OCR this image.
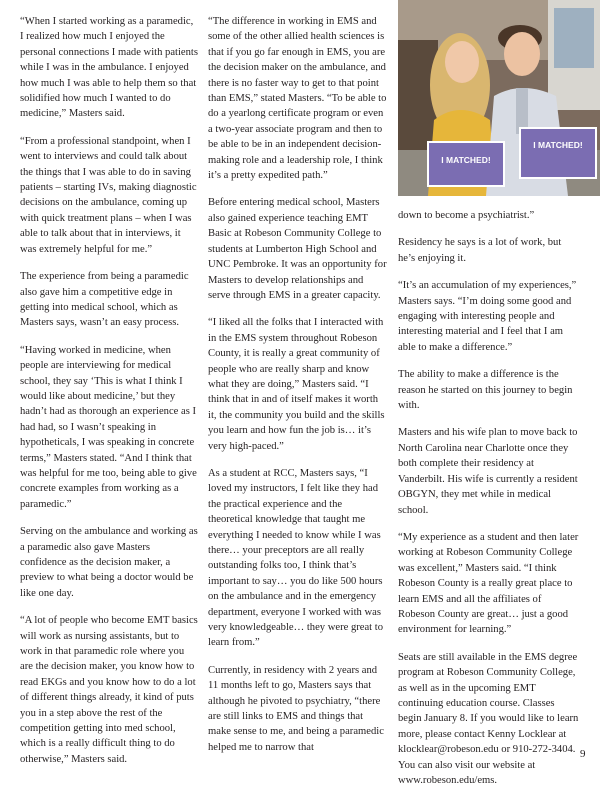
I MATCHED!
I MATCHED!

“When I started working as a paramedic, I realized how much I enjoyed the personal connections I made with patients while I was in the ambulance. I enjoyed how much I was able to help them so that solidified how much I wanted to do medicine,” Masters said.

“From a professional standpoint, when I went to interviews and could talk about the things that I was able to do in saving patients – starting IVs, making diagnostic decisions on the ambulance, coming up with quick treatment plans – when I was able to talk about that in interviews, it was extremely helpful for me.”

The experience from being a paramedic also gave him a competitive edge in getting into medical school, which as Masters says, wasn’t an easy process.

“Having worked in medicine, when people are interviewing for medical school, they say ‘This is what I think I would like about medicine,’ but they hadn’t had as thorough an experience as I had had, so I wasn’t speaking in hypotheticals, I was speaking in concrete terms,” Masters stated. “And I think that was helpful for me too, being able to give concrete examples from working as a paramedic.”

Serving on the ambulance and working as a paramedic also gave Masters confidence as the decision maker, a preview to what being a doctor would be like one day.

“A lot of people who become EMT basics will work as nursing assistants, but to work in that paramedic role where you are the decision maker, you know how to read EKGs and you know how to do a lot of different things already, it kind of puts you in a step above the rest of the competition getting into med school, which is a really difficult thing to do otherwise,” Masters said.

“The difference in working in EMS and some of the other allied health sciences is that if you go far enough in EMS, you are the decision maker on the ambulance, and there is no faster way to get to that point than EMS,” stated Masters. “To be able to do a yearlong certificate program or even a two-year associate program and then to be able to be in an independent decision-making role and a leadership role, I think it’s a pretty expedited path.”

Before entering medical school, Masters also gained experience teaching EMT Basic at Robeson Community College to students at Lumberton High School and UNC Pembroke. It was an opportunity for Masters to develop relationships and serve through EMS in a greater capacity.

“I liked all the folks that I interacted with in the EMS system throughout Robeson County, it is really a great community of people who are really sharp and know what they are doing,” Masters said. “I think that in and of itself makes it worth it, the community you build and the skills you learn and how fun the job is… it’s very high-paced.”

As a student at RCC, Masters says, “I loved my instructors, I felt like they had the practical experience and the theoretical knowledge that taught me everything I needed to know while I was there… your preceptors are all really outstanding folks too, I think that’s important to say… you do like 500 hours on the ambulance and in the emergency department, everyone I worked with was very knowledgeable… they were great to learn from.”

Currently, in residency with 2 years and 11 months left to go, Masters says that although he pivoted to psychiatry, “there are still links to EMS and things that make sense to me, and being a paramedic helped me to narrow that

down to become a psychiatrist.”

Residency he says is a lot of work, but he’s enjoying it.

“It’s an accumulation of my experiences,” Masters says. “I’m doing some good and engaging with interesting people and interesting material and I feel that I am able to make a difference.”

The ability to make a difference is the reason he started on this journey to begin with.

Masters and his wife plan to move back to North Carolina near Charlotte once they both complete their residency at Vanderbilt. His wife is currently a resident OBGYN, they met while in medical school.

“My experience as a student and then later working at Robeson Community College was excellent,” Masters said. “I think Robeson County is a really great place to learn EMS and all the affiliates of Robeson County are great… just a good environment for learning.”

Seats are still available in the EMS degree program at Robeson Community College, as well as in the upcoming EMT continuing education course. Classes begin January 8. If you would like to learn more, please contact Kenny Locklear at klocklear@robeson.edu or 910-272-3404. You can also visit our website at www.robeson.edu/ems.

9
